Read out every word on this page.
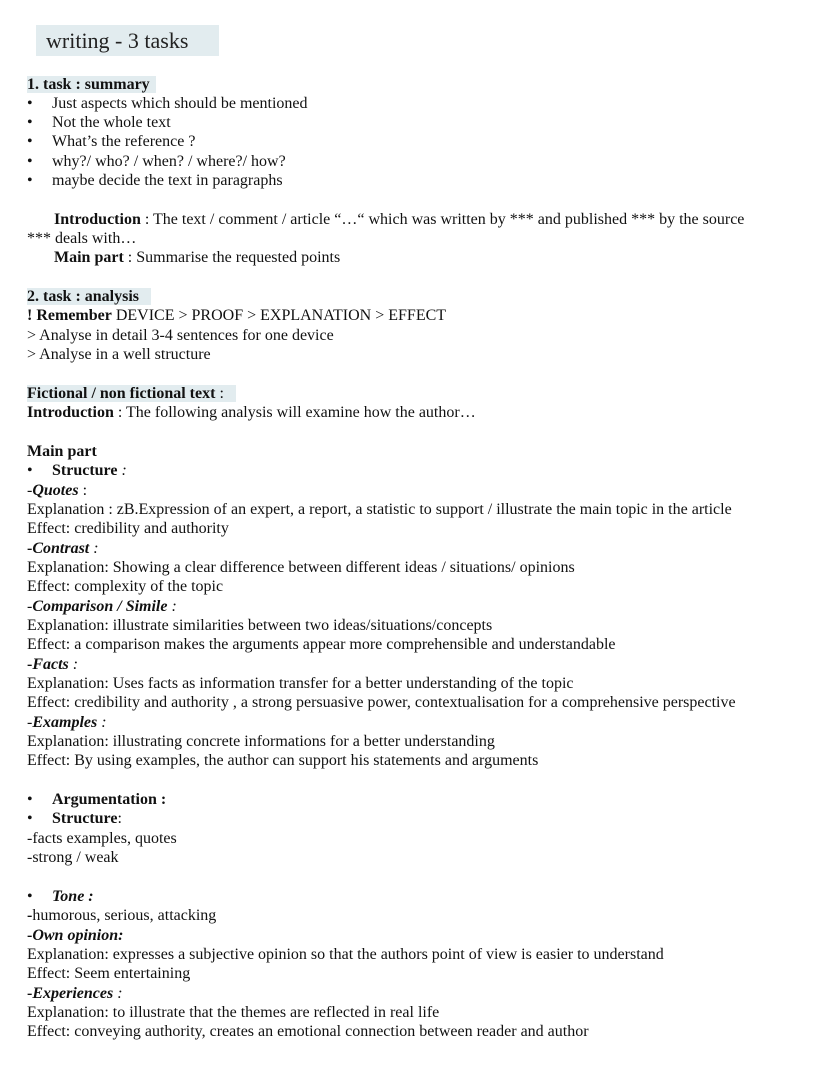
writing - 3 tasks
1. task : summary
• Just aspects which should be mentioned
• Not the whole text
• What’s the reference ?
• why?/ who? / when? / where?/ how?
• maybe decide the text in paragraphs
Introduction : The text / comment / article “…“ which was written by *** and published *** by the source
*** deals with…
Main part : Summarise the requested points
2. task : analysis
! Remember DEVICE > PROOF > EXPLANATION > EFFECT
> Analyse in detail 3-4 sentences for one device
> Analyse in a well structure
Fictional / non fictional text :
Introduction : The following analysis will examine how the author…
Main part
• Structure :
-Quotes :
Explanation : zB.Expression of an expert, a report, a statistic to support / illustrate the main topic in the article
Effect: credibility and authority
-Contrast :
Explanation: Showing a clear difference between different ideas / situations/ opinions
Effect: complexity of the topic
-Comparison / Simile :
Explanation: illustrate similarities between two ideas/situations/concepts
Effect: a comparison makes the arguments appear more comprehensible and understandable
-Facts :
Explanation: Uses facts as information transfer for a better understanding of the topic
Effect: credibility and authority , a strong persuasive power, contextualisation for a comprehensive perspective
-Examples :
Explanation: illustrating concrete informations for a better understanding
Effect: By using examples, the author can support his statements and arguments
• Argumentation :
• Structure:
-facts examples, quotes
-strong / weak
• Tone :
-humorous, serious, attacking
-Own opinion:
Explanation: expresses a subjective opinion so that the authors point of view is easier to understand
Effect: Seem entertaining
-Experiences :
Explanation: to illustrate that the themes are reflected in real life
Effect: conveying authority, creates an emotional connection between reader and author
